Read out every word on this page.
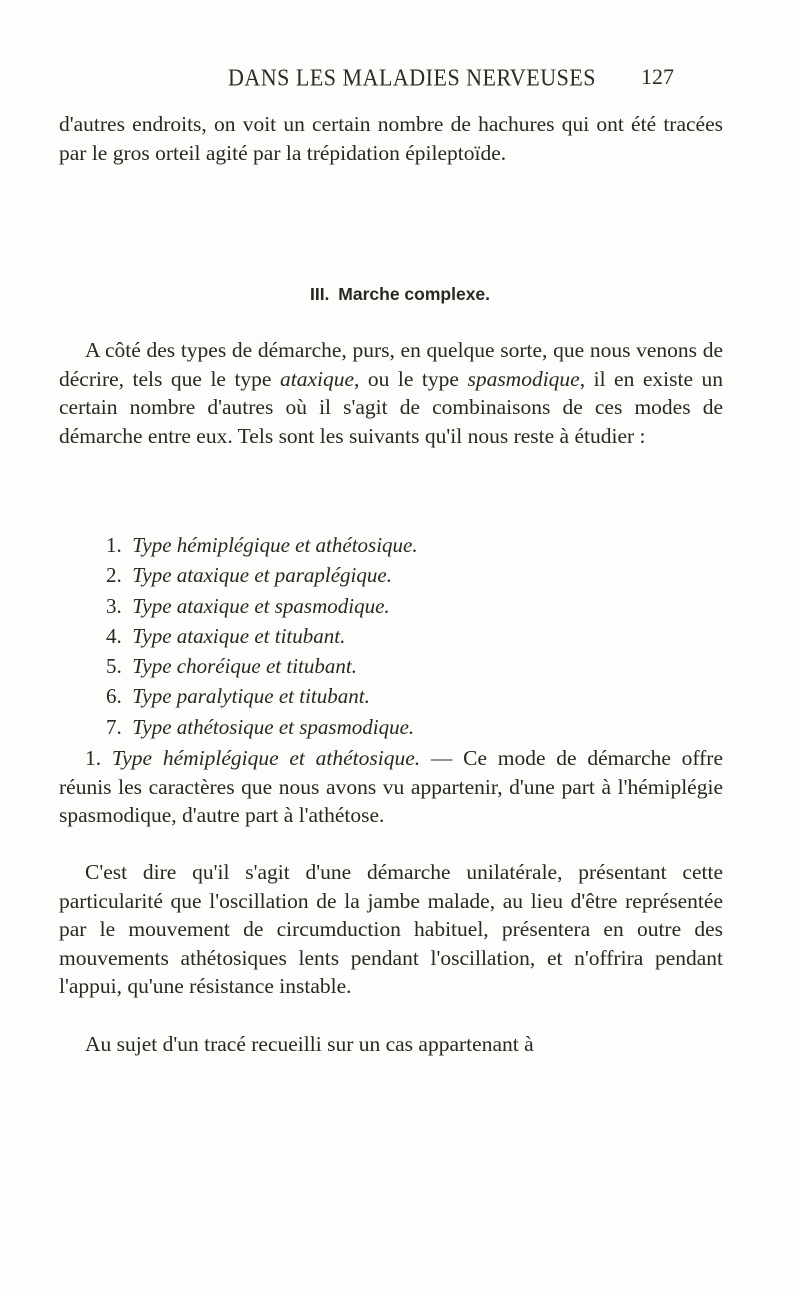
DANS LES MALADIES NERVEUSES 127

d'autres endroits, on voit un certain nombre de hachures qui ont été tracées par le gros orteil agité par la trépidation épileptoïde.

III. Marche complexe.

A côté des types de démarche, purs, en quelque sorte, que nous venons de décrire, tels que le type ataxique, ou le type spasmodique, il en existe un certain nombre d'autres où il s'agit de combinaisons de ces modes de démarche entre eux. Tels sont les suivants qu'il nous reste à étudier :

1. Type hémiplégique et athétosique.
2. Type ataxique et paraplégique.
3. Type ataxique et spasmodique.
4. Type ataxique et titubant.
5. Type choréique et titubant.
6. Type paralytique et titubant.
7. Type athétosique et spasmodique.

1. Type hémiplégique et athétosique. — Ce mode de démarche offre réunis les caractères que nous avons vu appartenir, d'une part à l'hémiplégie spasmodique, d'autre part à l'athétose.

C'est dire qu'il s'agit d'une démarche unilatérale, présentant cette particularité que l'oscillation de la jambe malade, au lieu d'être représentée par le mouvement de circumduction habituel, présentera en outre des mouvements athétosiques lents pendant l'oscillation, et n'offrira pendant l'appui, qu'une résistance instable.

Au sujet d'un tracé recueilli sur un cas appartenant à
